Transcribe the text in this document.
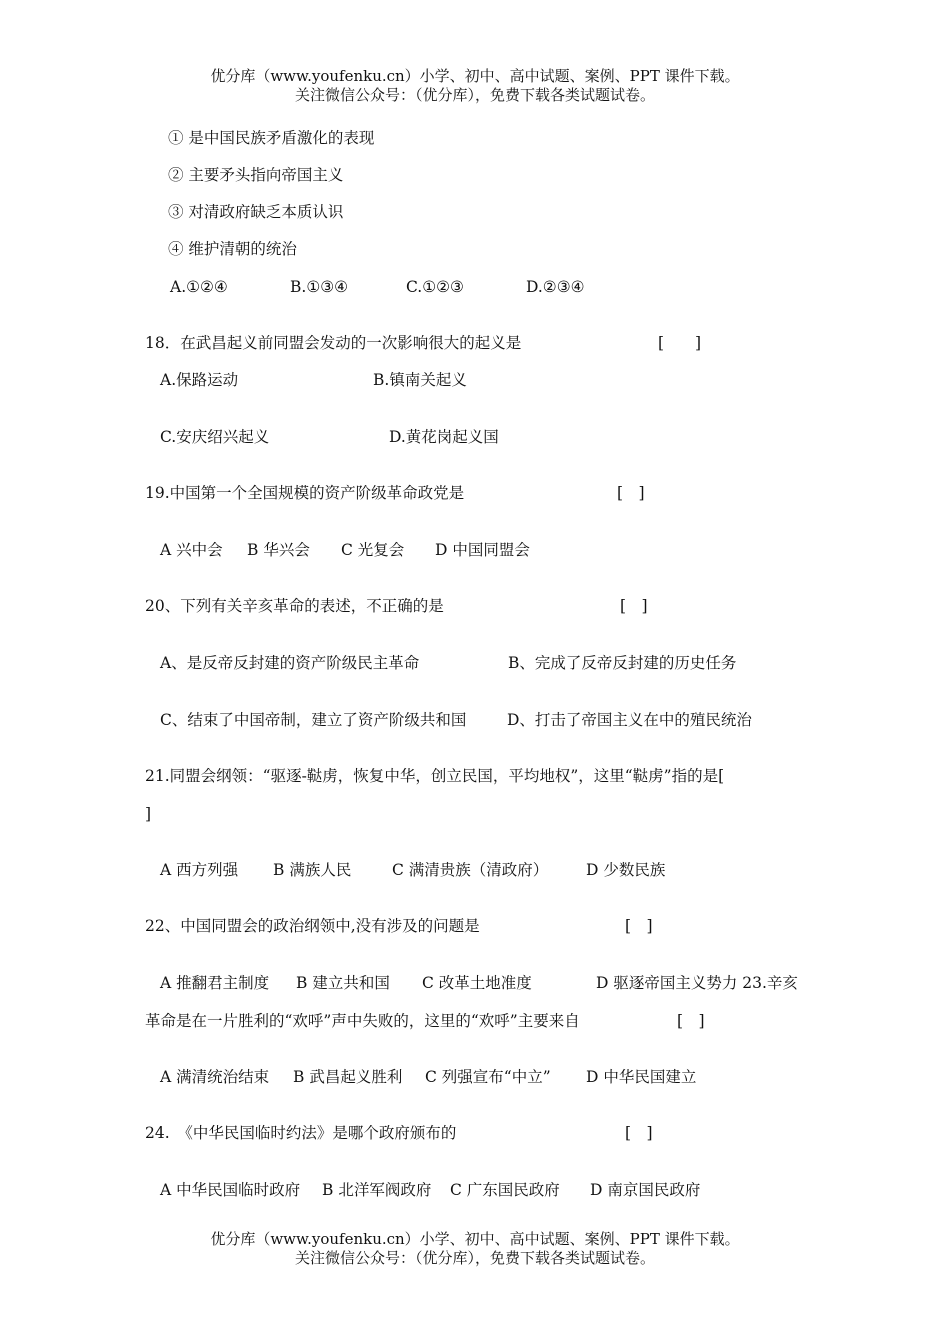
优分库（www.youfenku.cn）小学、初中、高中试题、案例、PPT 课件下载。
关注微信公众号：（优分库），免费下载各类试题试卷。
① 是中国民族矛盾激化的表现
② 主要矛头指向帝国主义
③ 对清政府缺乏本质认识
④ 维护清朝的统治
A.①②④	B.①③④	C.①②③	D.②③④
18．在武昌起义前同盟会发动的一次影响很大的起义是	[　　]
A.保路运动	B.镇南关起义
C.安庆绍兴起义	D.黄花岗起义国
19.中国第一个全国规模的资产阶级革命政党是	[　]
A 兴中会 B 华兴会 C 光复会 D 中国同盟会
20、下列有关辛亥革命的表述，不正确的是	[　]
A、是反帝反封建的资产阶级民主革命	B、完成了反帝反封建的历史任务
C、结束了中国帝制，建立了资产阶级共和国	D、打击了帝国主义在中的殖民统治
21.同盟会纲领：“驱逐-鞑虏，恢复中华，创立民国，平均地权”，这里“鞑虏”指的是[
]
A 西方列强 B 满族人民	C 满清贵族（清政府） D 少数民族
22、中国同盟会的政治纲领中,没有涉及的问题是	[　]
A 推翻君主制度 B 建立共和国 C 改革土地准度	D 驱逐帝国主义势力 23.辛亥
革命是在一片胜利的“欢呼”声中失败的，这里的“欢呼”主要来自	[　]
A 满清统治结束 B 武昌起义胜利 C 列强宣布“中立” D 中华民国建立
24.　《中华民国临时约法》是哪个政府颁布的	[　]
A 中华民国临时政府 B 北洋军阀政府 C 广东国民政府 D 南京国民政府
优分库（www.youfenku.cn）小学、初中、高中试题、案例、PPT 课件下载。
关注微信公众号：（优分库），免费下载各类试题试卷。
